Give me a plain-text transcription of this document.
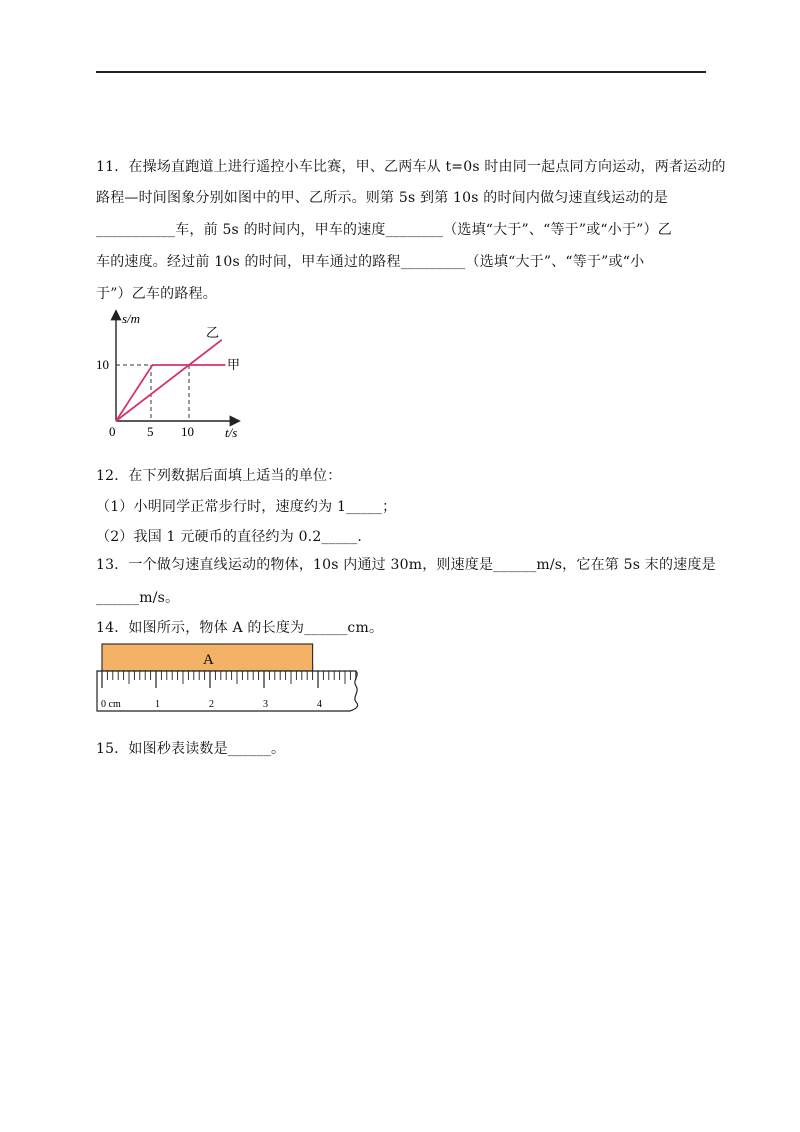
11．在操场直跑道上进行遥控小车比赛，甲、乙两车从 t=0s 时由同一起点同方向运动，两者运动的
路程—时间图象分别如图中的甲、乙所示。则第 5s 到第 10s 的时间内做匀速直线运动的是
___________车，前 5s 的时间内，甲车的速度________（选填“大于”、“等于”或“小于”）乙
车的速度。经过前 10s 的时间，甲车通过的路程_________（选填“大于”、“等于”或“小
于”）乙车的路程。
s/m
t/s
0 5 10
10	甲
乙
12．在下列数据后面填上适当的单位：
（1）小明同学正常步行时，速度约为 1_____；
（2）我国 1 元硬币的直径约为 0.2_____.
13．一个做匀速直线运动的物体，10s 内通过 30m，则速度是______m/s，它在第 5s 末的速度是
______m/s。
14．如图所示，物体 A 的长度为______cm。
A
0 cm	1	2	3	4
15．如图秒表读数是______。
